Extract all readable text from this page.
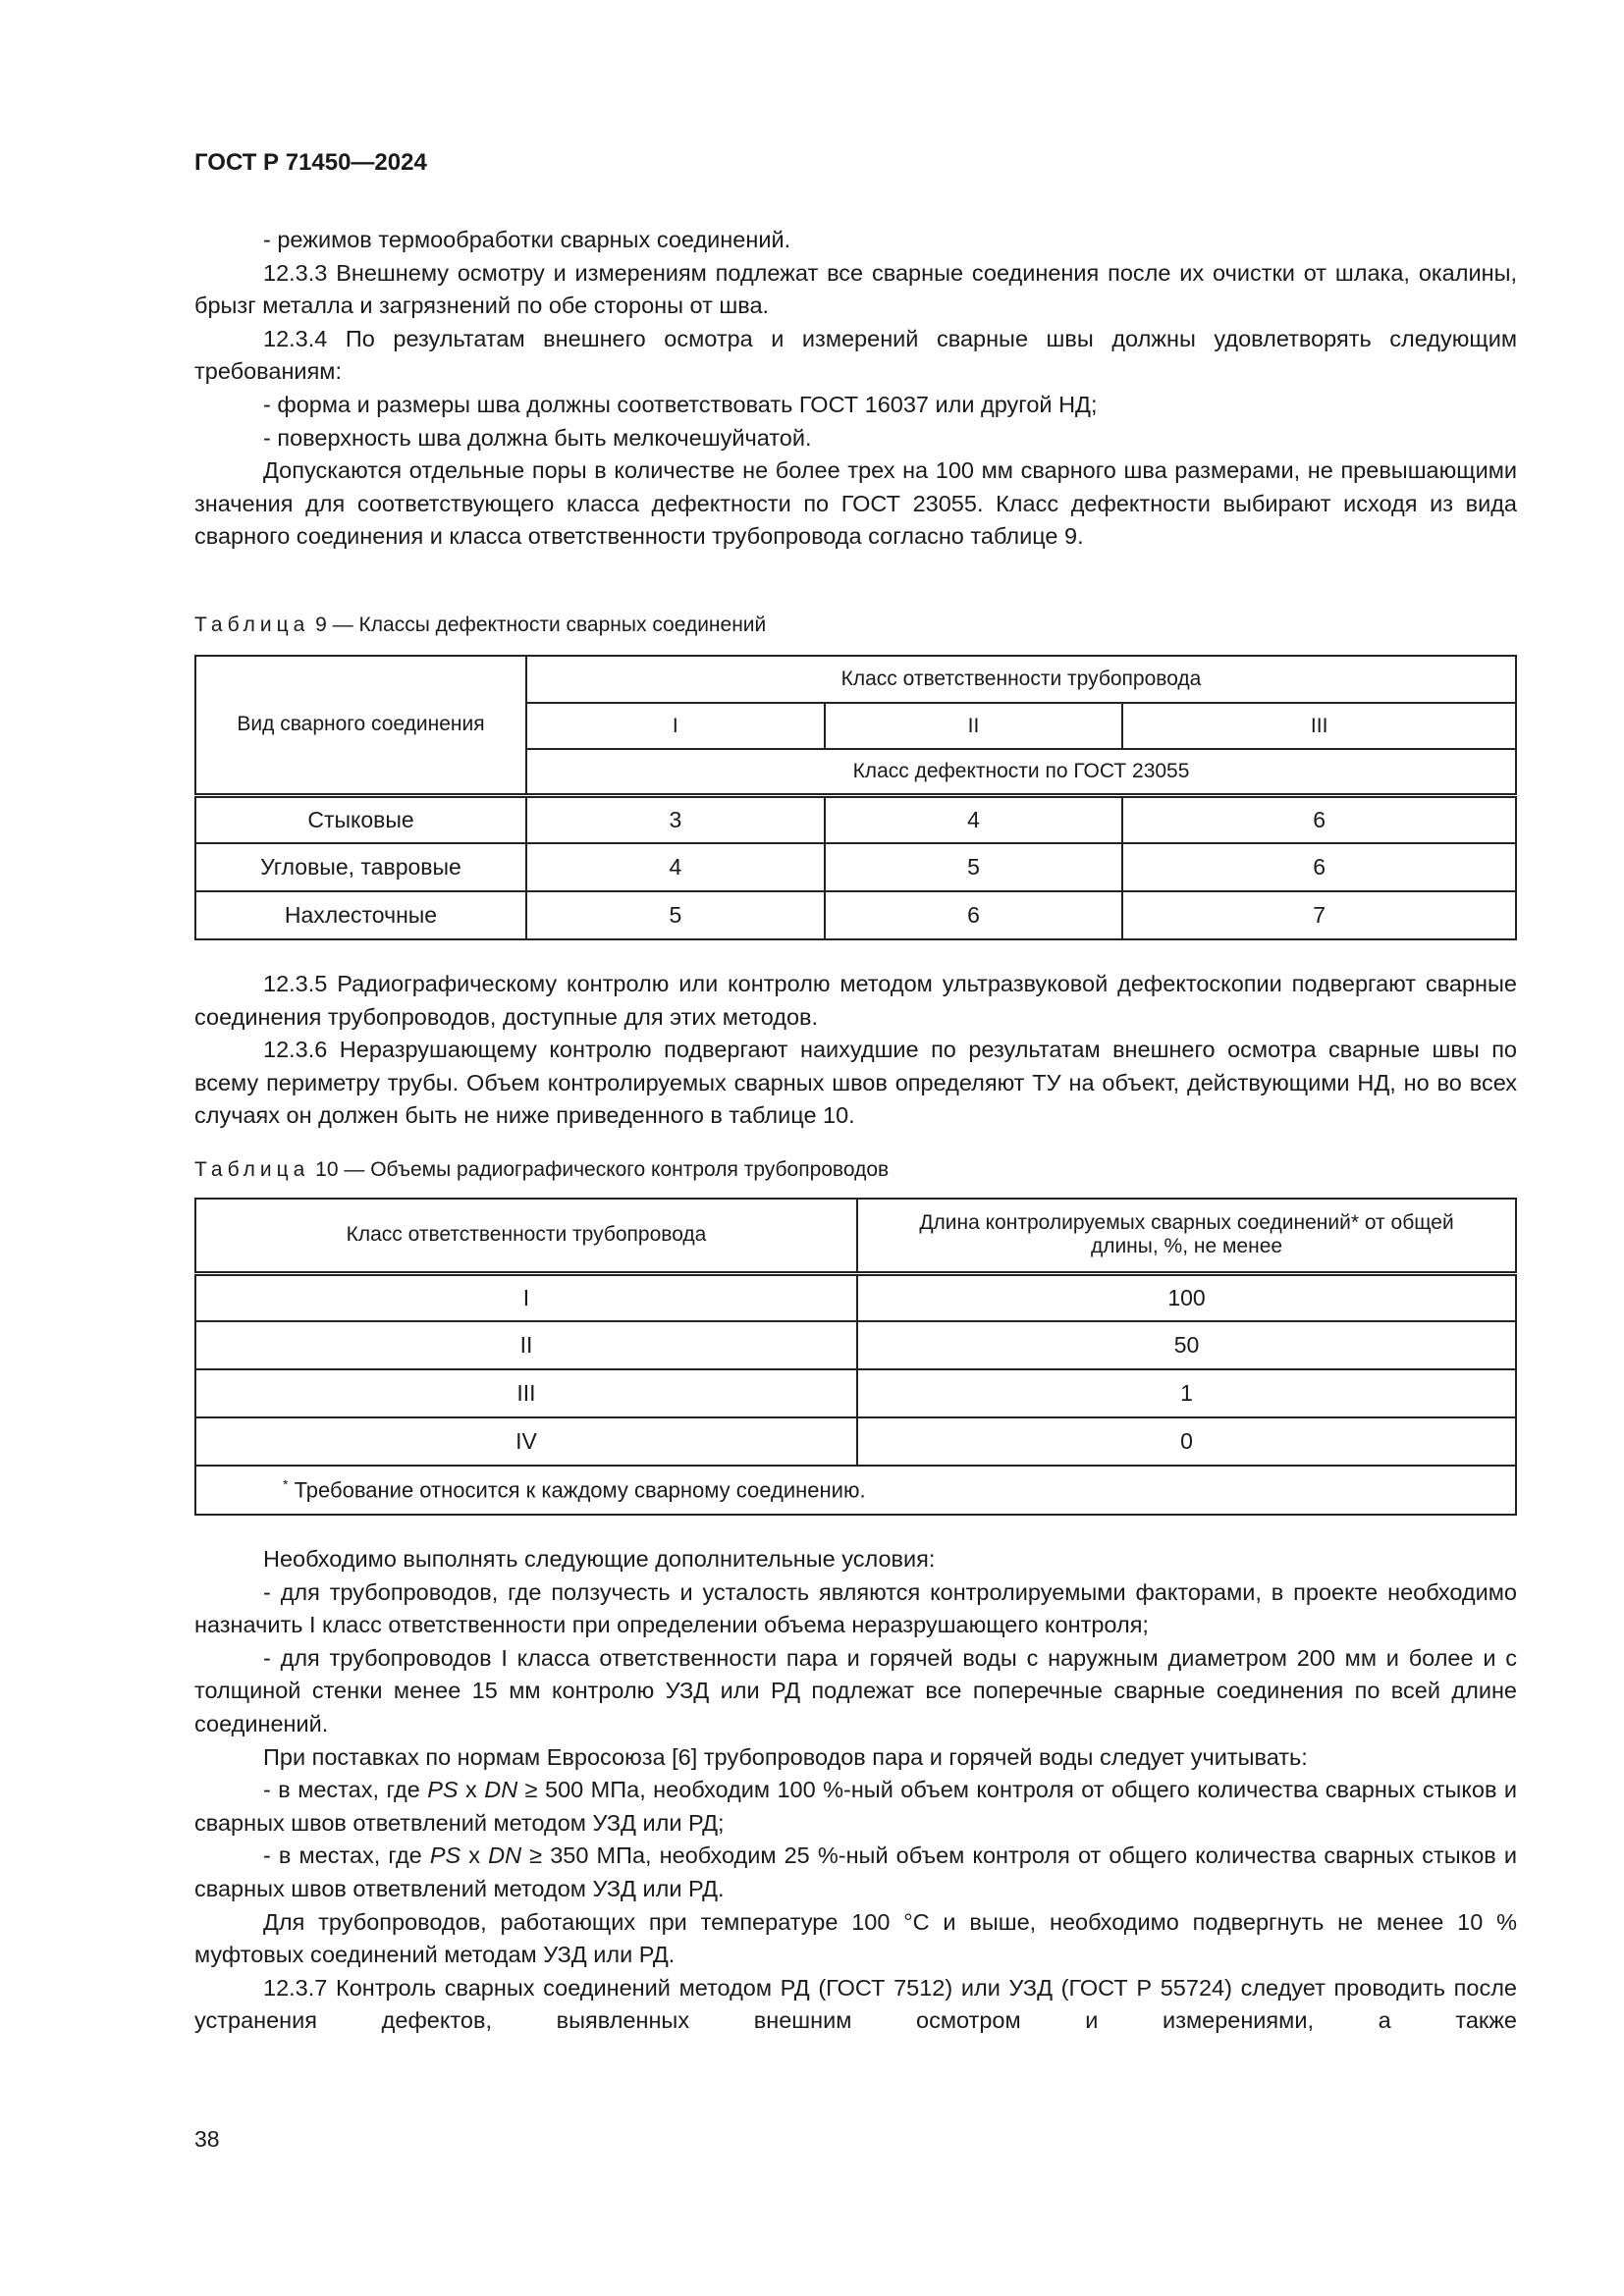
ГОСТ Р 71450—2024

- режимов термообработки сварных соединений.

12.3.3 Внешнему осмотру и измерениям подлежат все сварные соединения после их очистки от шлака, окалины, брызг металла и загрязнений по обе стороны от шва.

12.3.4 По результатам внешнего осмотра и измерений сварные швы должны удовлетворять следующим требованиям:

- форма и размеры шва должны соответствовать ГОСТ 16037 или другой НД;

- поверхность шва должна быть мелкочешуйчатой.

Допускаются отдельные поры в количестве не более трех на 100 мм сварного шва размерами, не превышающими значения для соответствующего класса дефектности по ГОСТ 23055. Класс дефектности выбирают исходя из вида сварного соединения и класса ответственности трубопровода согласно таблице 9.

Таблица 9 — Классы дефектности сварных соединений
Вид сварного соединения	Класс ответственности трубопровода		
	I	II	III
	Класс дефектности по ГОСТ 23055		
Стыковые	3	4	6
Угловые, тавровые	4	5	6
Нахлесточные	5	6	7

12.3.5 Радиографическому контролю или контролю методом ультразвуковой дефектоскопии подвергают сварные соединения трубопроводов, доступные для этих методов.

12.3.6 Неразрушающему контролю подвергают наихудшие по результатам внешнего осмотра сварные швы по всему периметру трубы. Объем контролируемых сварных швов определяют ТУ на объект, действующими НД, но во всех случаях он должен быть не ниже приведенного в таблице 10.

Таблица 10 — Объемы радиографического контроля трубопроводов
Класс ответственности трубопровода	Длина контролируемых сварных соединений* от общей длины, %, не менее
I	100
II	50
III	1
IV	0
* Требование относится к каждому сварному соединению.	

Необходимо выполнять следующие дополнительные условия:

- для трубопроводов, где ползучесть и усталость являются контролируемыми факторами, в проекте необходимо назначить I класс ответственности при определении объема неразрушающего контроля;

- для трубопроводов I класса ответственности пара и горячей воды с наружным диаметром 200 мм и более и с толщиной стенки менее 15 мм контролю УЗД или РД подлежат все поперечные сварные соединения по всей длине соединений.

При поставках по нормам Евросоюза [6] трубопроводов пара и горячей воды следует учитывать:

- в местах, где PS x DN ≥ 500 МПа, необходим 100 %-ный объем контроля от общего количества сварных стыков и сварных швов ответвлений методом УЗД или РД;

- в местах, где PS x DN ≥ 350 МПа, необходим 25 %-ный объем контроля от общего количества сварных стыков и сварных швов ответвлений методом УЗД или РД.

Для трубопроводов, работающих при температуре 100 °С и выше, необходимо подвергнуть не менее 10 % муфтовых соединений методам УЗД или РД.

12.3.7 Контроль сварных соединений методом РД (ГОСТ 7512) или УЗД (ГОСТ Р 55724) следует проводить после устранения дефектов, выявленных внешним осмотром и измерениями, а также

38
